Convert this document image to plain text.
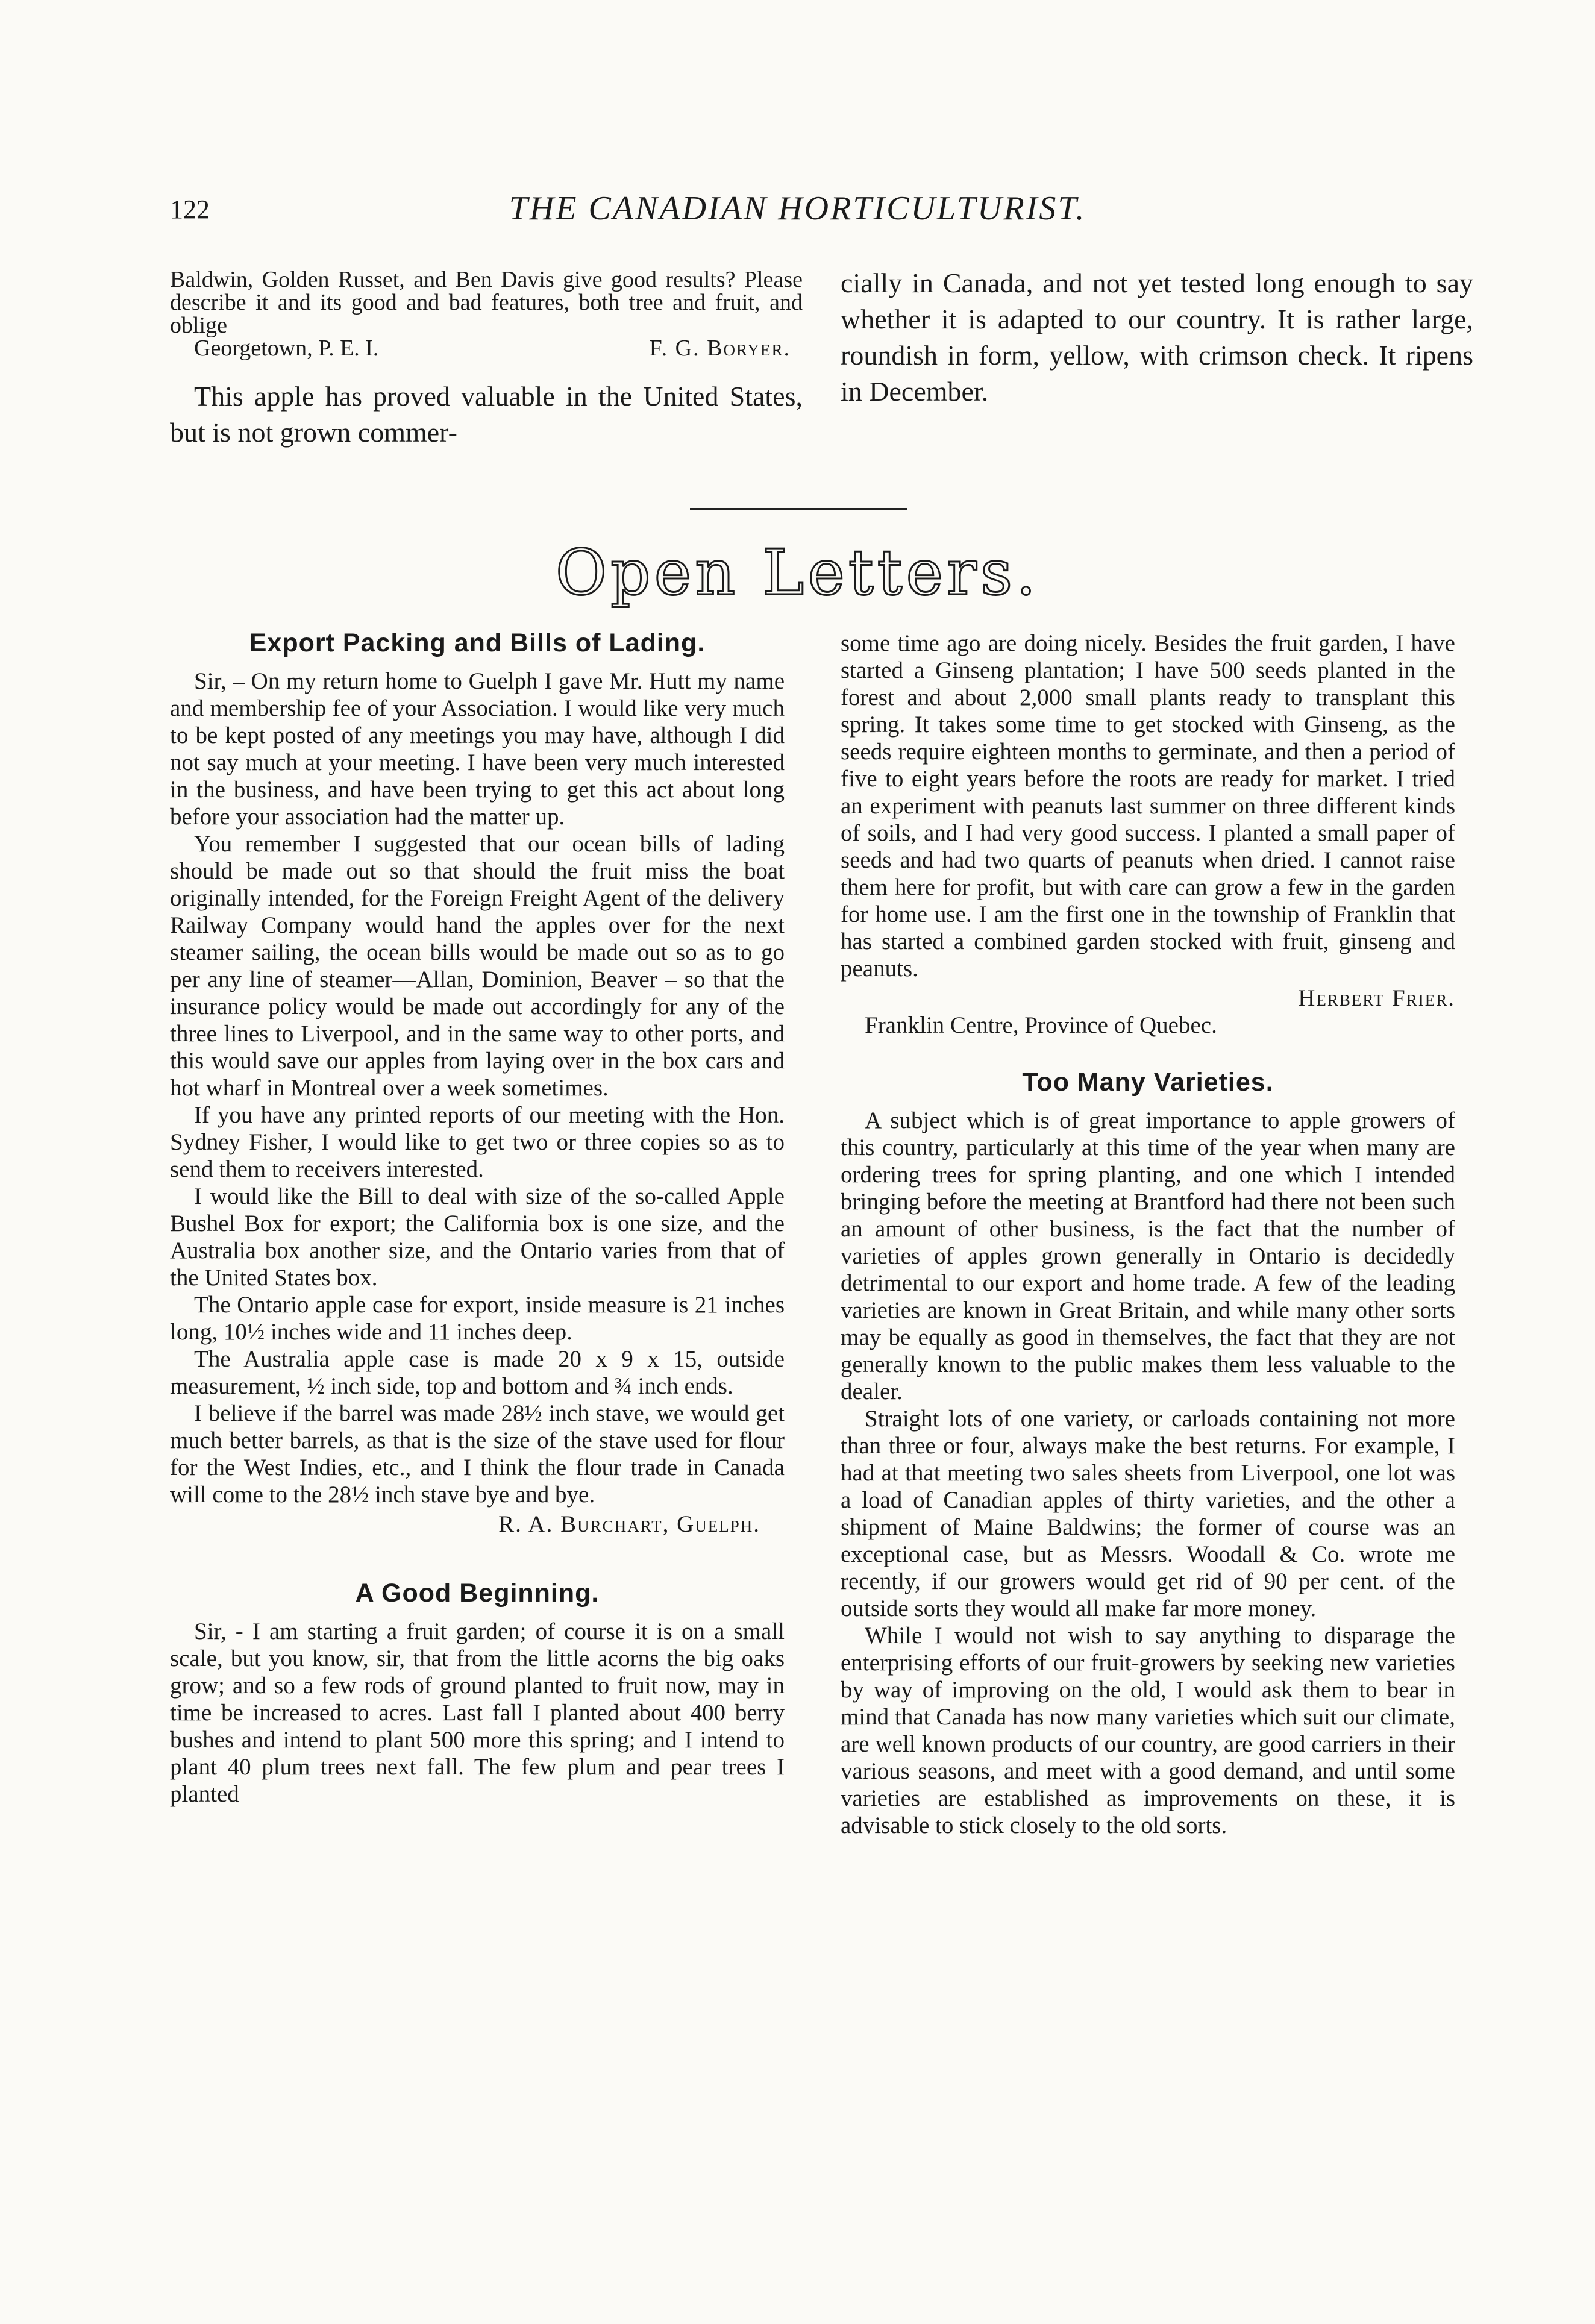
122	THE CANADIAN HORTICULTURIST.

Baldwin, Golden Russet, and Ben Davis give good results? Please describe it and its good and bad features, both tree and fruit, and oblige

Georgetown, P. E. I.	F. G. Boryer.

This apple has proved valuable in the United States, but is not grown commer-

cially in Canada, and not yet tested long enough to say whether it is adapted to our country. It is rather large, roundish in form, yellow, with crimson check. It ripens in December.

Open Letters.
Export Packing and Bills of Lading.

Sir, – On my return home to Guelph I gave Mr. Hutt my name and membership fee of your Association. I would like very much to be kept posted of any meetings you may have, although I did not say much at your meeting. I have been very much interested in the business, and have been trying to get this act about long before your association had the matter up.

You remember I suggested that our ocean bills of lading should be made out so that should the fruit miss the boat originally intended, for the Foreign Freight Agent of the delivery Railway Company would hand the apples over for the next steamer sailing, the ocean bills would be made out so as to go per any line of steamer—Allan, Dominion, Beaver – so that the insurance policy would be made out accordingly for any of the three lines to Liverpool, and in the same way to other ports, and this would save our apples from laying over in the box cars and hot wharf in Montreal over a week sometimes.

If you have any printed reports of our meeting with the Hon. Sydney Fisher, I would like to get two or three copies so as to send them to receivers interested.

I would like the Bill to deal with size of the so-called Apple Bushel Box for export; the California box is one size, and the Australia box another size, and the Ontario varies from that of the United States box.

The Ontario apple case for export, inside measure is 21 inches long, 10½ inches wide and 11 inches deep.

The Australia apple case is made 20 x 9 x 15, outside measurement, ½ inch side, top and bottom and ¾ inch ends.

I believe if the barrel was made 28½ inch stave, we would get much better barrels, as that is the size of the stave used for flour for the West Indies, etc., and I think the flour trade in Canada will come to the 28½ inch stave bye and bye.

R. A. Burchart, Guelph.

A Good Beginning.

Sir, - I am starting a fruit garden; of course it is on a small scale, but you know, sir, that from the little acorns the big oaks grow; and so a few rods of ground planted to fruit now, may in time be increased to acres. Last fall I planted about 400 berry bushes and intend to plant 500 more this spring; and I intend to plant 40 plum trees next fall. The few plum and pear trees I planted

some time ago are doing nicely. Besides the fruit garden, I have started a Ginseng plantation; I have 500 seeds planted in the forest and about 2,000 small plants ready to transplant this spring. It takes some time to get stocked with Ginseng, as the seeds require eighteen months to germinate, and then a period of five to eight years before the roots are ready for market. I tried an experiment with peanuts last summer on three different kinds of soils, and I had very good success. I planted a small paper of seeds and had two quarts of peanuts when dried. I cannot raise them here for profit, but with care can grow a few in the garden for home use. I am the first one in the township of Franklin that has started a combined garden stocked with fruit, ginseng and peanuts.

Herbert Frier.

Franklin Centre, Province of Quebec.

Too Many Varieties.

A subject which is of great importance to apple growers of this country, particularly at this time of the year when many are ordering trees for spring planting, and one which I intended bringing before the meeting at Brantford had there not been such an amount of other business, is the fact that the number of varieties of apples grown generally in Ontario is decidedly detrimental to our export and home trade. A few of the leading varieties are known in Great Britain, and while many other sorts may be equally as good in themselves, the fact that they are not generally known to the public makes them less valuable to the dealer.

Straight lots of one variety, or carloads containing not more than three or four, always make the best returns. For example, I had at that meeting two sales sheets from Liverpool, one lot was a load of Canadian apples of thirty varieties, and the other a shipment of Maine Baldwins; the former of course was an exceptional case, but as Messrs. Woodall & Co. wrote me recently, if our growers would get rid of 90 per cent. of the outside sorts they would all make far more money.

While I would not wish to say anything to disparage the enterprising efforts of our fruit-growers by seeking new varieties by way of improving on the old, I would ask them to bear in mind that Canada has now many varieties which suit our climate, are well known products of our country, are good carriers in their various seasons, and meet with a good demand, and until some varieties are established as improvements on these, it is advisable to stick closely to the old sorts.
